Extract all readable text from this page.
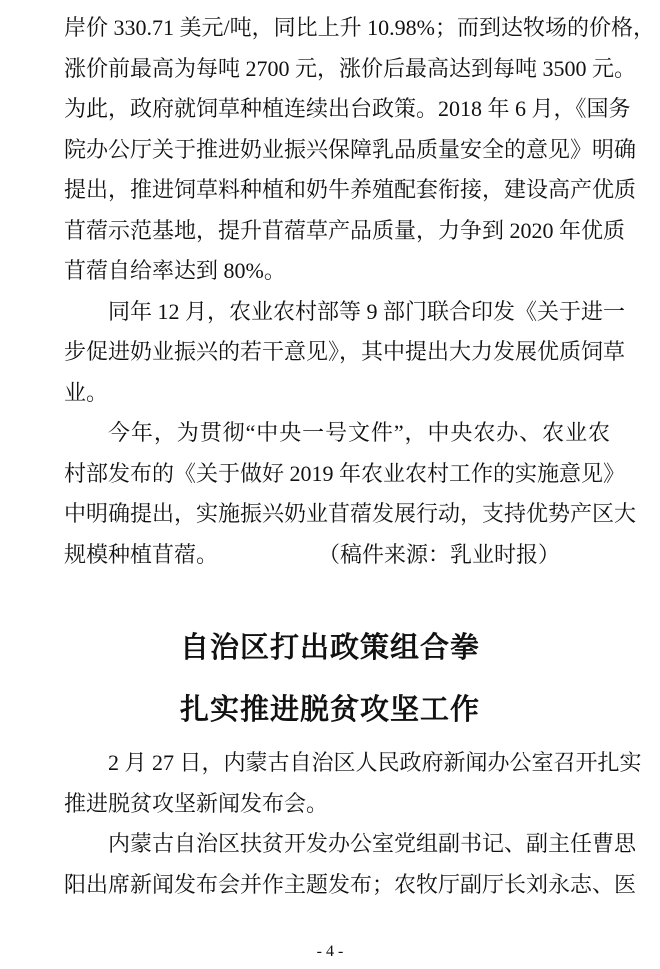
岸价 330.71 美元/吨，同比上升 10.98%；而到达牧场的价格，
涨价前最高为每吨 2700 元，涨价后最高达到每吨 3500 元。
为此，政府就饲草种植连续出台政策。2018 年 6 月，《国务
院办公厅关于推进奶业振兴保障乳品质量安全的意见》明确
提出，推进饲草料种植和奶牛养殖配套衔接，建设高产优质
苜蓿示范基地，提升苜蓿草产品质量，力争到 2020 年优质
苜蓿自给率达到 80%。
同年 12 月，农业农村部等 9 部门联合印发《关于进一
步促进奶业振兴的若干意见》，其中提出大力发展优质饲草
业。
今年，为贯彻“中央一号文件”，中央农办、农业农
村部发布的《关于做好 2019 年农业农村工作的实施意见》
中明确提出，实施振兴奶业苜蓿发展行动，支持优势产区大
规模种植苜蓿。	（稿件来源：乳业时报）
2 月 27 日，内蒙古自治区人民政府新闻办公室召开扎实
推进脱贫攻坚新闻发布会。
内蒙古自治区扶贫开发办公室党组副书记、副主任曹思
阳出席新闻发布会并作主题发布；农牧厅副厅长刘永志、医
自治区打出政策组合拳
扎实推进脱贫攻坚工作
- 4 -
